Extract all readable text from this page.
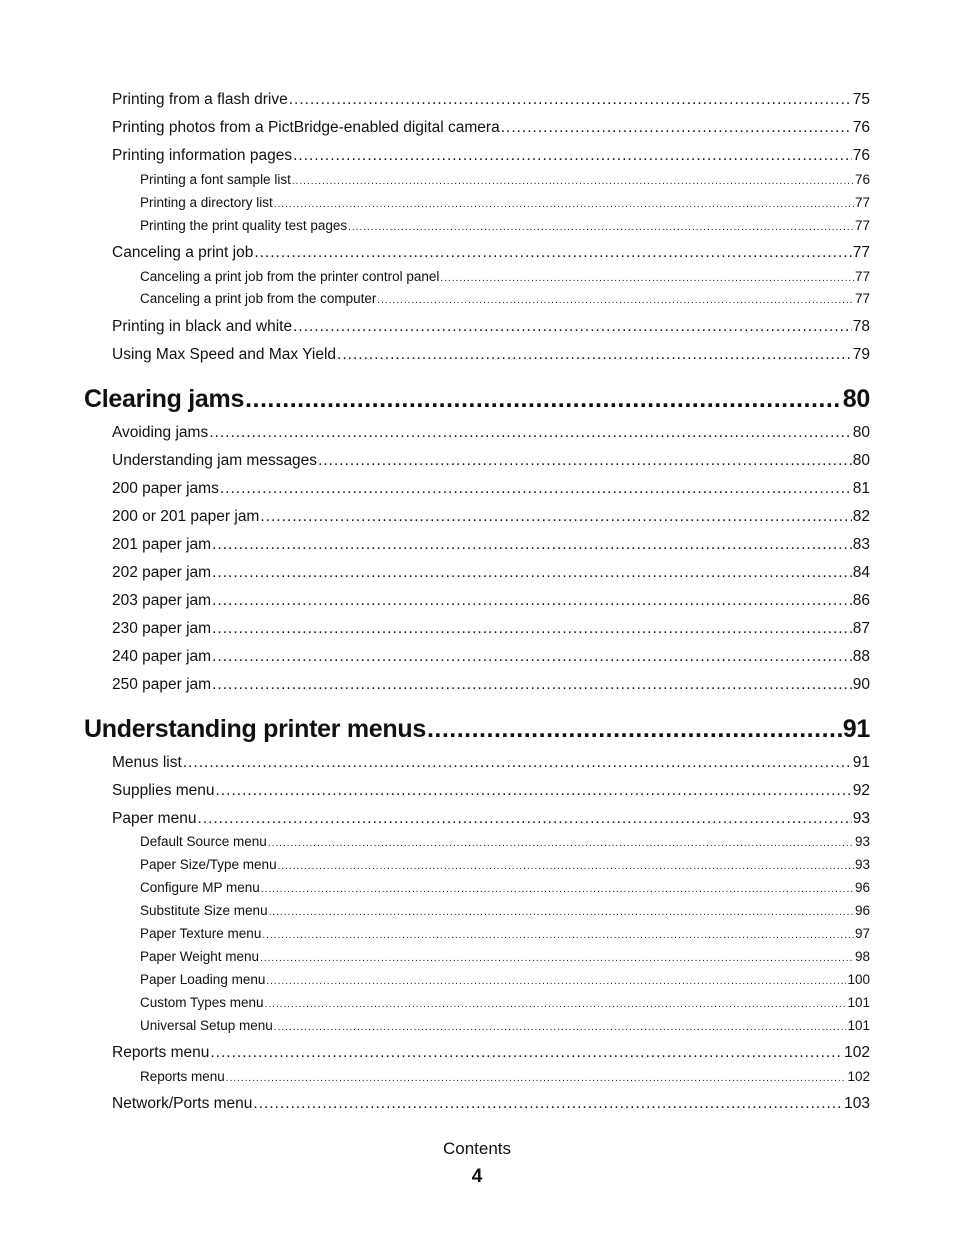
Printing from a flash drive .....	75
Printing photos from a PictBridge-enabled digital camera .....	76
Printing information pages .....	76
Printing a font sample list .....	76
Printing a directory list .....	77
Printing the print quality test pages .....	77
Canceling a print job .....	77
Canceling a print job from the printer control panel .....	77
Canceling a print job from the computer .....	77
Printing in black and white .....	78
Using Max Speed and Max Yield .....	79
Clearing jams .....	80
Avoiding jams .....	80
Understanding jam messages .....	80
200 paper jams .....	81
200 or 201 paper jam .....	82
201 paper jam .....	83
202 paper jam .....	84
203 paper jam .....	86
230 paper jam .....	87
240 paper jam .....	88
250 paper jam .....	90
Understanding printer menus .....	91
Menus list .....	91
Supplies menu .....	92
Paper menu .....	93
Default Source menu .....	93
Paper Size/Type menu .....	93
Configure MP menu .....	96
Substitute Size menu .....	96
Paper Texture menu .....	97
Paper Weight menu .....	98
Paper Loading menu .....	100
Custom Types menu .....	101
Universal Setup menu .....	101
Reports menu .....	102
Reports menu .....	102
Network/Ports menu .....	103
Contents
4
